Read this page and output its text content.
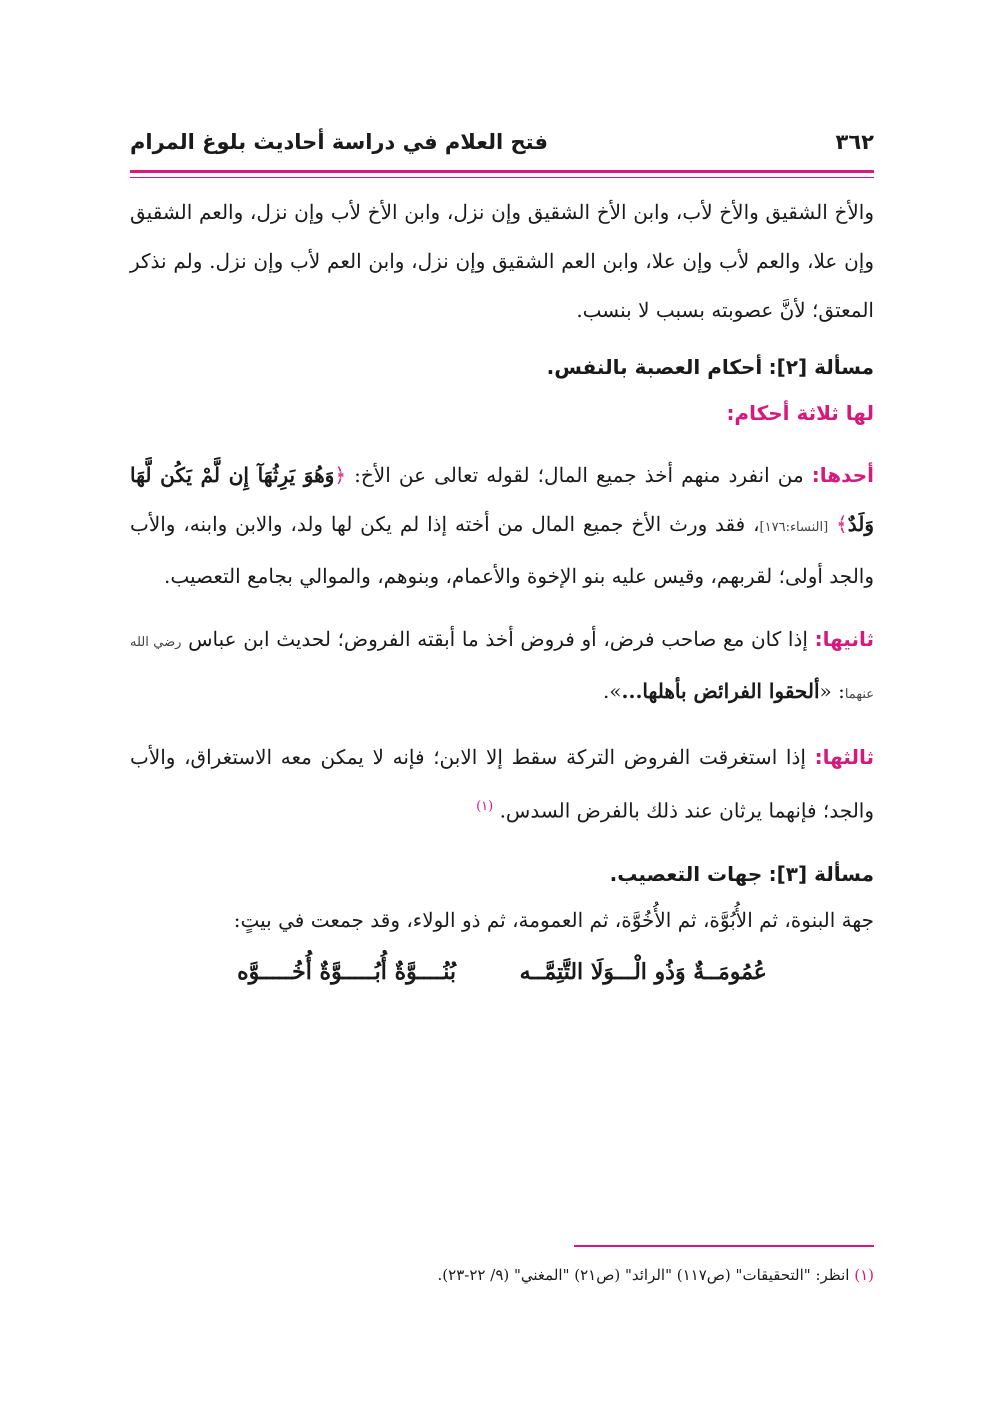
٣٦٢
فتح العلام في دراسة أحاديث بلوغ المرام

والأخ الشقيق والأخ لأب، وابن الأخ الشقيق وإن نزل، وابن الأخ لأب وإن نزل، والعم الشقيق وإن علا، والعم لأب وإن علا، وابن العم الشقيق وإن نزل، وابن العم لأب وإن نزل. ولم نذكر المعتق؛ لأنَّ عصوبته بسبب لا بنسب.

مسألة [٢]: أحكام العصبة بالنفس.
لها ثلاثة أحكام:

أحدها: من انفرد منهم أخذ جميع المال؛ لقوله تعالى عن الأخ: ﴿وَهُوَ يَرِثُهَآ إِن لَّمْ يَكُن لَّهَا وَلَدٌ﴾ [النساء:١٧٦]، فقد ورث الأخ جميع المال من أخته إذا لم يكن لها ولد، والابن وابنه، والأب والجد أولى؛ لقربهم، وقيس عليه بنو الإخوة والأعمام، وبنوهم، والموالي بجامع التعصيب.

ثانيها: إذا كان مع صاحب فرض، أو فروض أخذ ما أبقته الفروض؛ لحديث ابن عباس رضي الله عنهما: «ألحقوا الفرائض بأهلها...».

ثالثها: إذا استغرقت الفروض التركة سقط إلا الابن؛ فإنه لا يمكن معه الاستغراق، والأب والجد؛ فإنهما يرثان عند ذلك بالفرض السدس. $^{(١)}$

مسألة [٣]: جهات التعصيب.

جهة البنوة، ثم الأُبُوَّة، ثم الأُخُوَّة، ثم العمومة، ثم ذو الولاء، وقد جمعت في بيتٍ:

عُمُومَــةٌ وَذُو الْـــوَلَا التَّتِمَّــه بُنُــــوَّةٌ أُبُـــــوَّةٌ أُخُـــــوَّه
(١) انظر: "التحقيقات" (ص١١٧) "الرائد" (ص٢١) "المغني" (٩/ ٢٢-٢٣).
